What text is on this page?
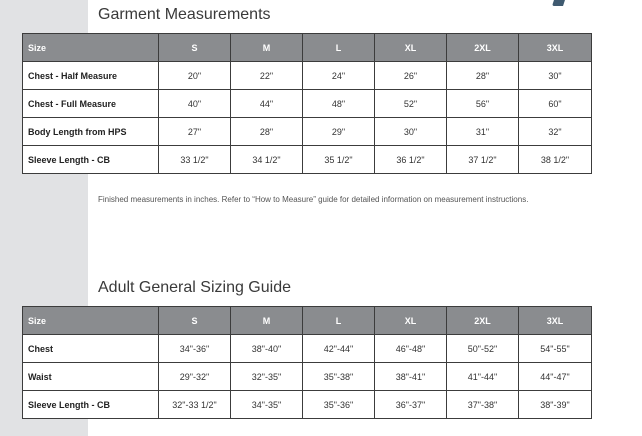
Garment Measurements
Size	S	M	L	XL	2XL	3XL
Chest - Half Measure	20"	22"	24"	26"	28"	30"
Chest - Full Measure	40"	44"	48"	52"	56"	60"
Body Length from HPS	27"	28"	29"	30"	31"	32"
Sleeve Length - CB	33 1/2"	34 1/2"	35 1/2"	36 1/2"	37 1/2"	38 1/2"

Finished measurements in inches. Refer to “How to Measure” guide for detailed information on measurement instructions.

Adult General Sizing Guide
Size	S	M	L	XL	2XL	3XL
Chest	34"-36"	38"-40"	42"-44"	46"-48"	50"-52"	54"-55"
Waist	29"-32"	32"-35"	35"-38"	38"-41"	41"-44"	44"-47"
Sleeve Length - CB	32"-33 1/2"	34"-35"	35"-36"	36"-37"	37"-38"	38"-39"
